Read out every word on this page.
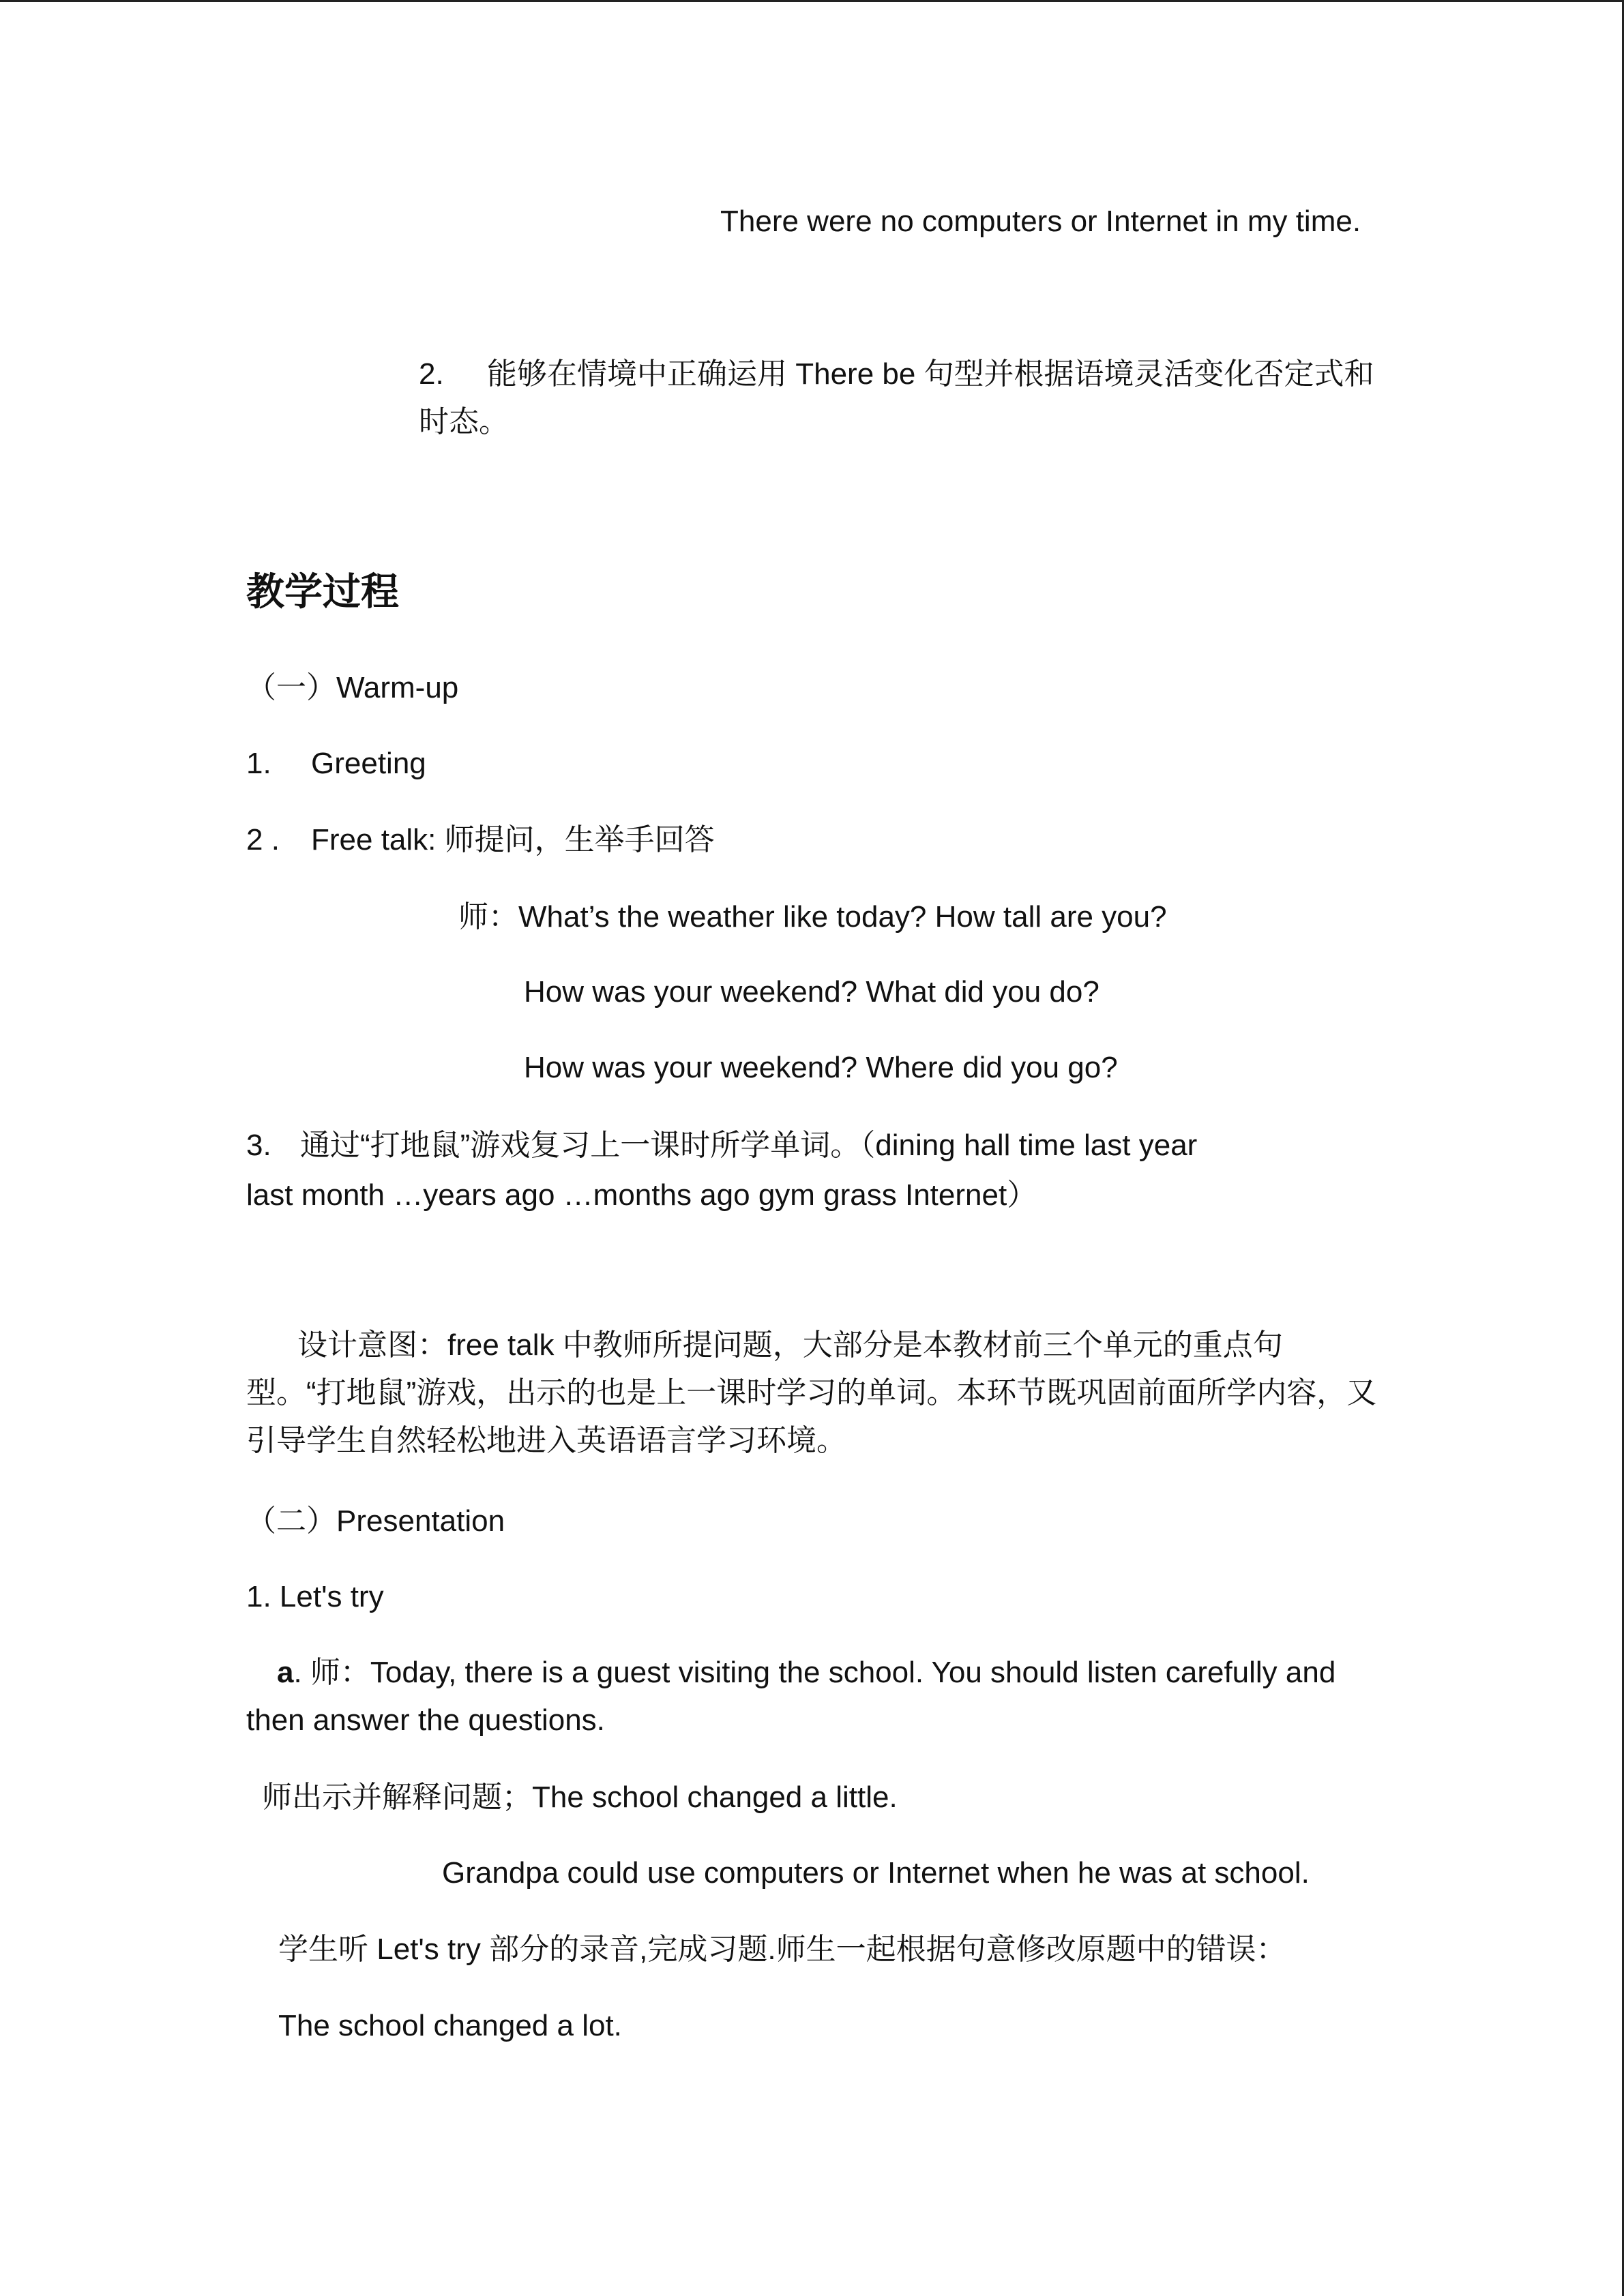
There were no computers or Internet in my time.
2.	能够在情境中正确运用 There be 句型并根据语境灵活变化否定式和时态。
教学过程
（一）Warm-up
1. Greeting
2 . Free talk: 师提问，生举手回答
师：What’s the weather like today? How tall are you?
How was your weekend? What did you do?
How was your weekend? Where did you go?
3. 通过“打地鼠”游戏复习上一课时所学单词。（dining hall time last year
last month …years ago …months ago gym grass Internet）
设计意图：free talk 中教师所提问题，大部分是本教材前三个单元的重点句型。“打地鼠”游戏，出示的也是上一课时学习的单词。本环节既巩固前面所学内容，又引导学生自然轻松地进入英语语言学习环境。
（二）Presentation
1. Let's try
a. 师：Today, there is a guest visiting the school. You should listen carefully and then answer the questions.
师出示并解释问题；The school changed a little.
Grandpa could use computers or Internet when he was at school.
学生听 Let's try 部分的录音,完成习题.师生一起根据句意修改原题中的错误：
The school changed a lot.
